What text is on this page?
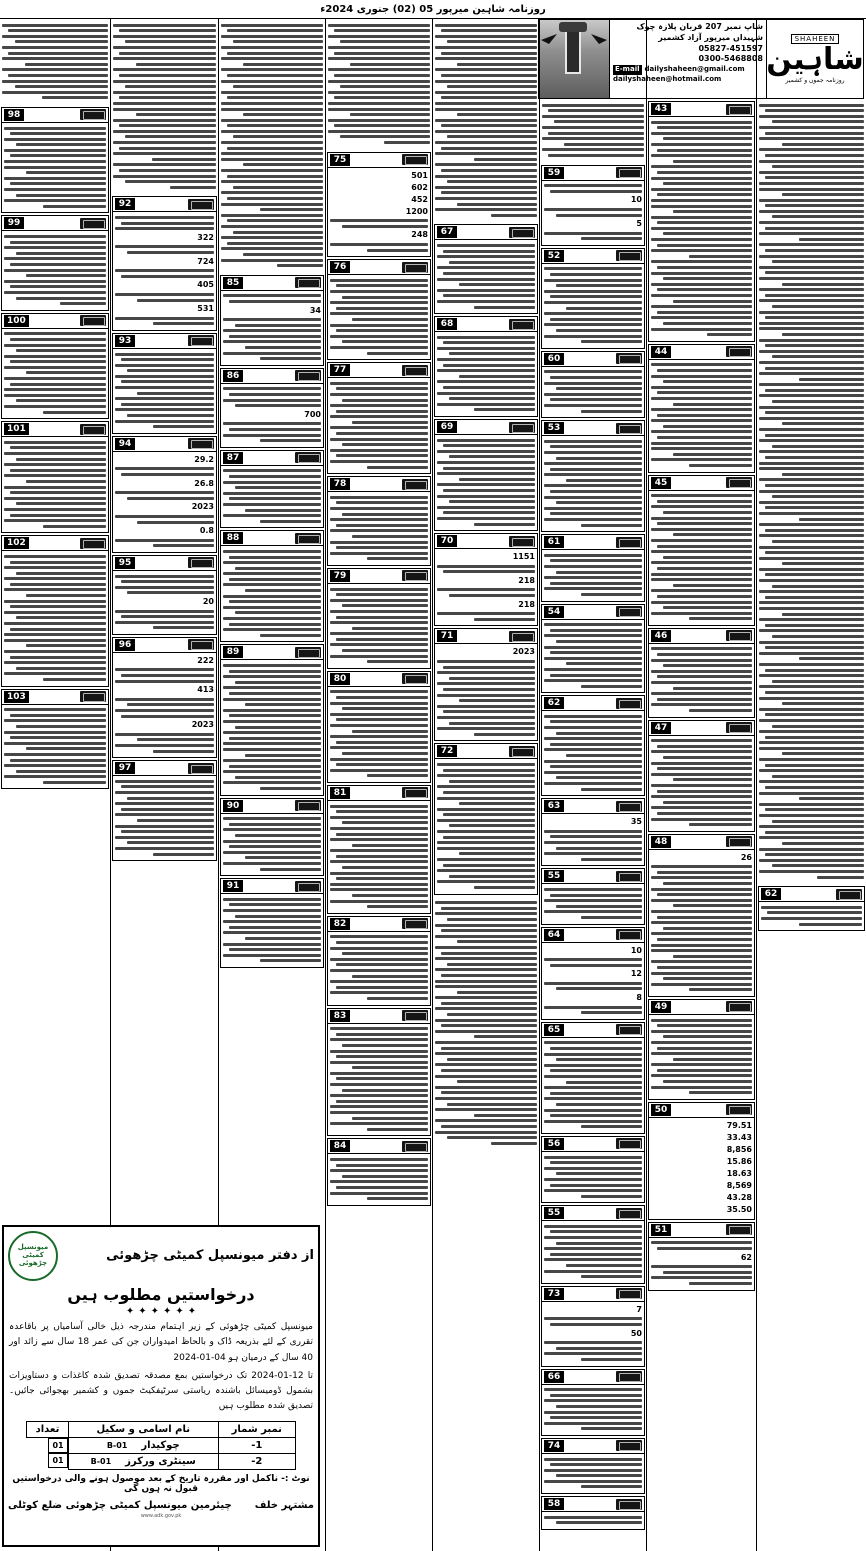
روزنامہ شاہین میرپور 05 (02) جنوری 2024ء
SHAHEEN
شاہین
روزنامہ جموں و کشمیر
شاپ نمبر 207 قربان پلازہ چوک شہیداں میرپور آزاد کشمیر
05827-451597
0300-5468808
E-mail dailyshaheen@gmail.com
dailyshaheen@hotmail.com
98
99
100
101
102
103
92
322
724
405
531
93
94
29.2
26.8
2023
0.8
95
20
96
222
413
2023
97
85
34
86
700
87
88
89
90
91
75
501
602
452
1200
248
76
77
78
79
80
81
82
83
84
67
68
69
70
1151
218
218
71
2023
72
59
10
5
52
60
53
61
54
62
63
35
55
64
10
12
8
65
56
55
73
7
50
66
74
58
43
44
45
46
47
48
26
49
50
79.51
33.43
8,856
15.86
18.63
8,569
43.28
35.50
51
62
62
از دفتر میونسپل کمیٹی چڑھوئی
میونسپل کمیٹی چڑھوئی
درخواستیں مطلوب ہیں
✦
✦
✦
✦
✦
✦
میونسپل کمیٹی چڑھوئی کے زیر اہتمام مندرجہ ذیل خالی آسامیاں پر باقاعدہ تقرری کے لئے بذریعہ ڈاک و بالحاظ امیدواران جن کی عمر 18 سال سے زائد اور 40 سال کے درمیان ہو 04-01-2024
تا 12-01-2024 تک درخواستیں بمع مصدقہ تصدیق شدہ کاغذات و دستاویزات بشمول ڈومیسائل باشندہ ریاستی سرٹیفکیٹ جموں و کشمیر بھجوائی جائیں۔ تصدیق شدہ مطلوب ہیں
نمبر شمار	نام اسامی و سکیل	تعداد
1-	چوکیدار    B-01	01
2-	سینٹری ورکرز    B-01	01
نوٹ :- ناکمل اور مقررہ تاریخ کے بعد موصول ہونے والی درخواستیں قبول نہ ہوں گی
مشتہر خلف
چیئرمین میونسپل کمیٹی چڑھوئی ضلع کوٹلی
www.adk.gov.pk
